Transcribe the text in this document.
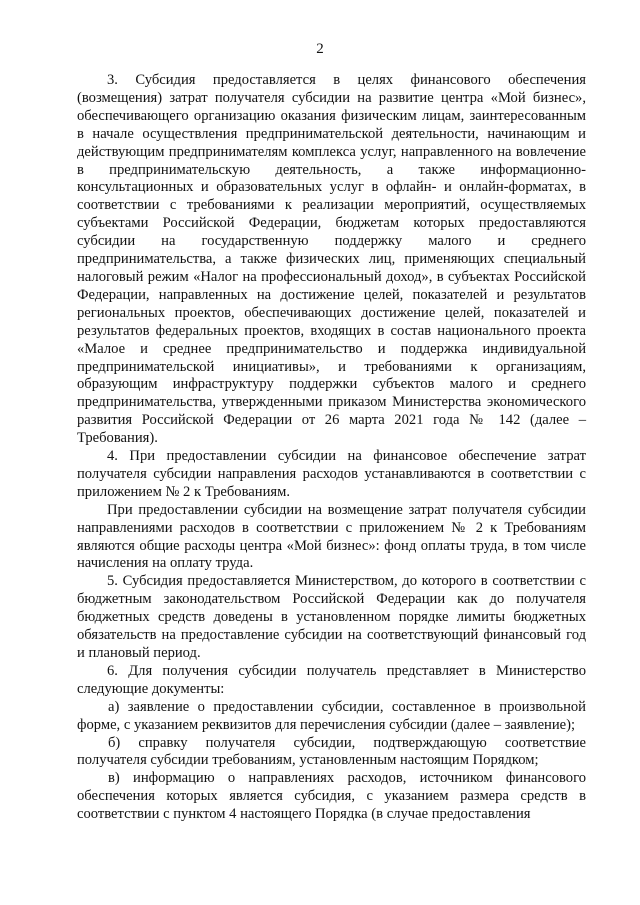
2

3. Субсидия предоставляется в целях финансового обеспечения (возмещения) затрат получателя субсидии на развитие центра «Мой бизнес», обеспечивающего организацию оказания физическим лицам, заинтересованным в начале осуществления предпринимательской деятельности, начинающим и действующим предпринимателям комплекса услуг, направленного на вовлечение в предпринимательскую деятельность, а также информационно-консультационных и образовательных услуг в офлайн- и онлайн-форматах, в соответствии с требованиями к реализации мероприятий, осуществляемых субъектами Российской Федерации, бюджетам которых предоставляются субсидии на государственную поддержку малого и среднего предпринимательства, а также физических лиц, применяющих специальный налоговый режим «Налог на профессиональный доход», в субъектах Российской Федерации, направленных на достижение целей, показателей и результатов региональных проектов, обеспечивающих достижение целей, показателей и результатов федеральных проектов, входящих в состав национального проекта «Малое и среднее предпринимательство и поддержка индивидуальной предпринимательской инициативы», и требованиями к организациям, образующим инфраструктуру поддержки субъектов малого и среднего предпринимательства, утвержденными приказом Министерства экономического развития Российской Федерации от 26 марта 2021 года № 142 (далее – Требования).

4. При предоставлении субсидии на финансовое обеспечение затрат получателя субсидии направления расходов устанавливаются в соответствии с приложением № 2 к Требованиям.

При предоставлении субсидии на возмещение затрат получателя субсидии направлениями расходов в соответствии с приложением № 2 к Требованиям являются общие расходы центра «Мой бизнес»: фонд оплаты труда, в том числе начисления на оплату труда.

5. Субсидия предоставляется Министерством, до которого в соответствии с бюджетным законодательством Российской Федерации как до получателя бюджетных средств доведены в установленном порядке лимиты бюджетных обязательств на предоставление субсидии на соответствующий финансовый год и плановый период.

6. Для получения субсидии получатель представляет в Министерство следующие документы:

а) заявление о предоставлении субсидии, составленное в произвольной форме, с указанием реквизитов для перечисления субсидии (далее – заявление);

б) справку получателя субсидии, подтверждающую соответствие получателя субсидии требованиям, установленным настоящим Порядком;

в) информацию о направлениях расходов, источником финансового обеспечения которых является субсидия, с указанием размера средств в соответствии с пунктом 4 настоящего Порядка (в случае предоставления
